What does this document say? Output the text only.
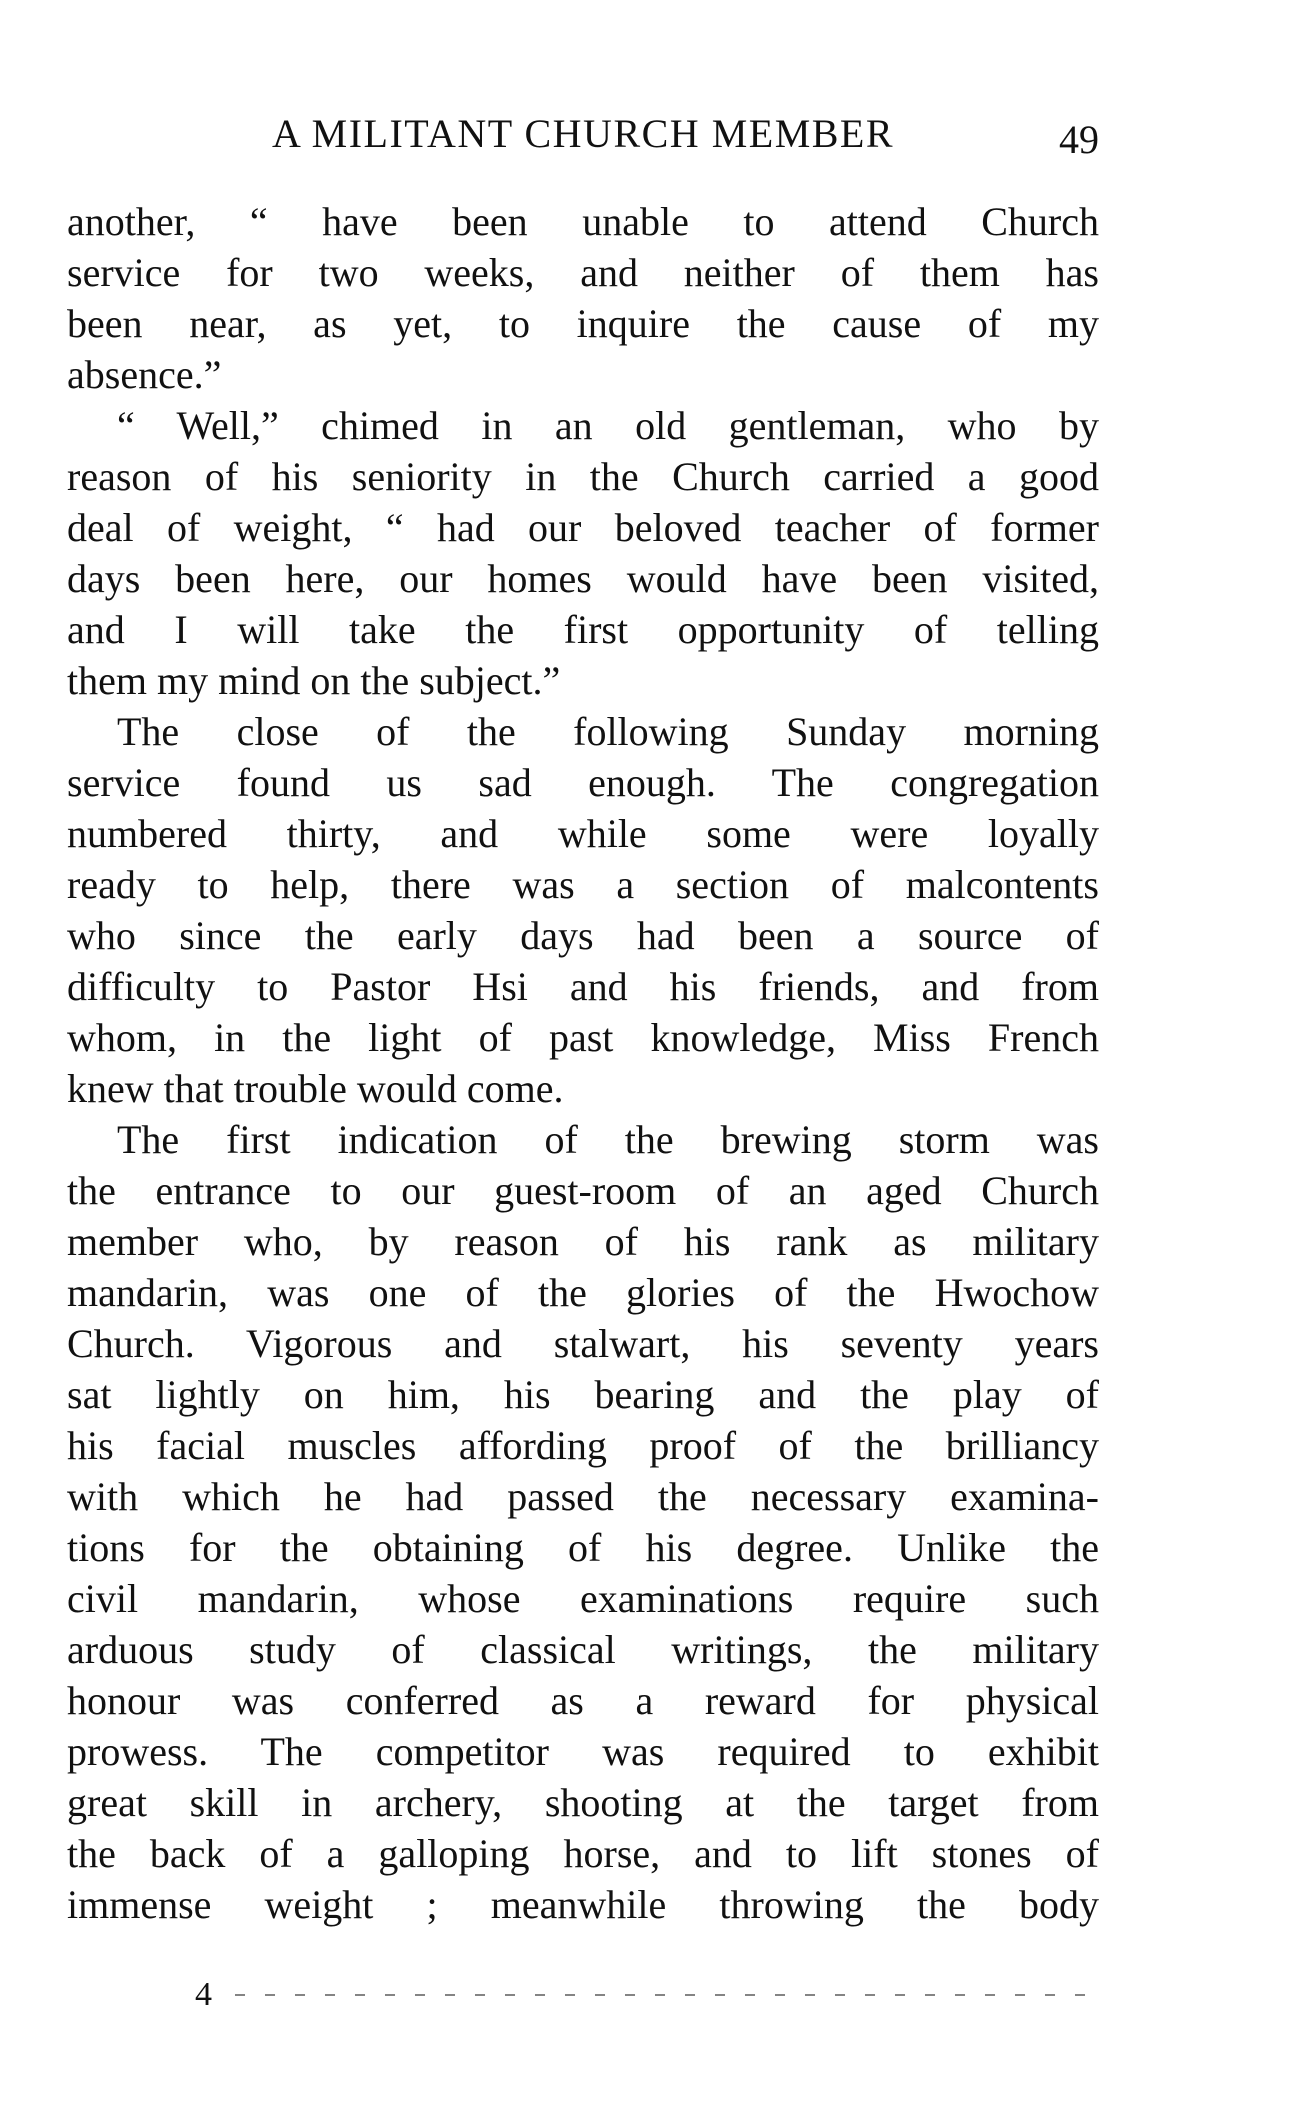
A MILITANT CHURCH MEMBER	49
another, “ have been unable to attend Church
service for two weeks, and neither of them has
been near, as yet, to inquire the cause of my
absence.”
“ Well,” chimed in an old gentleman, who by
reason of his seniority in the Church carried a good
deal of weight, “ had our beloved teacher of former
days been here, our homes would have been visited,
and I will take the first opportunity of telling
them my mind on the subject.”
The close of the following Sunday morning
service found us sad enough. The congregation
numbered thirty, and while some were loyally
ready to help, there was a section of malcontents
who since the early days had been a source of
difficulty to Pastor Hsi and his friends, and from
whom, in the light of past knowledge, Miss French
knew that trouble would come.
The first indication of the brewing storm was
the entrance to our guest-room of an aged Church
member who, by reason of his rank as military
mandarin, was one of the glories of the Hwochow
Church. Vigorous and stalwart, his seventy years
sat lightly on him, his bearing and the play of
his facial muscles affording proof of the brilliancy
with which he had passed the necessary examina-
tions for the obtaining of his degree. Unlike the
civil mandarin, whose examinations require such
arduous study of classical writings, the military
honour was conferred as a reward for physical
prowess. The competitor was required to exhibit
great skill in archery, shooting at the target from
the back of a galloping horse, and to lift stones of
immense weight ; meanwhile throwing the body
4
